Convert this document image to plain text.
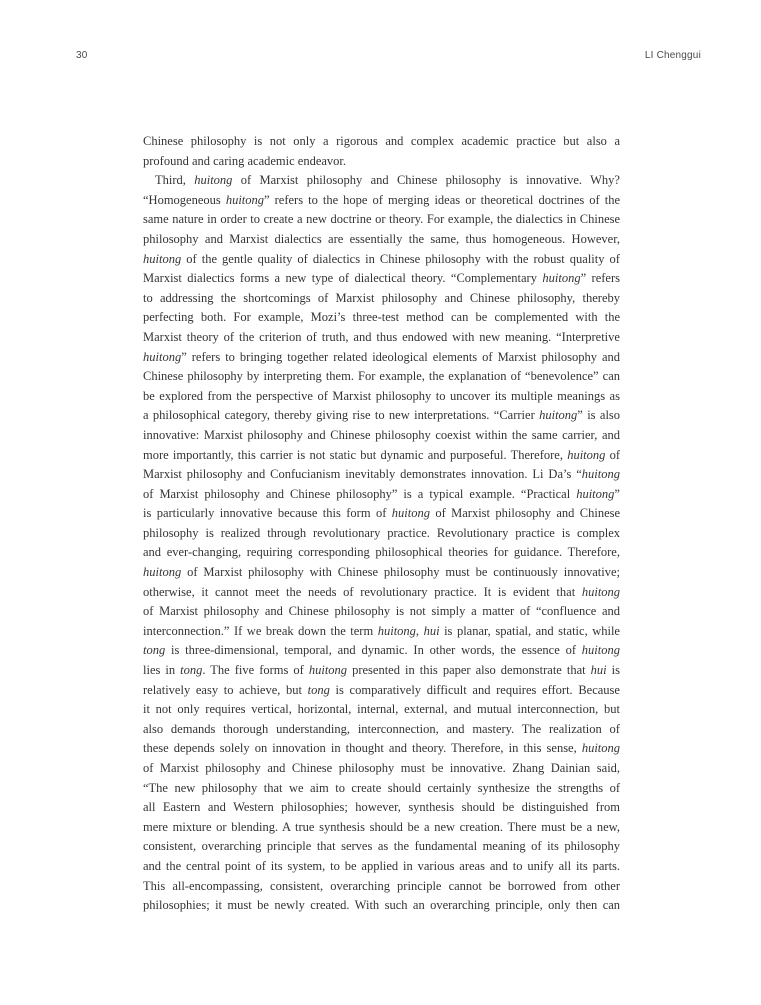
30	LI Chenggui
Chinese philosophy is not only a rigorous and complex academic practice but also a
profound and caring academic endeavor.
Third, huitong of Marxist philosophy and Chinese philosophy is innovative. Why?
“Homogeneous huitong” refers to the hope of merging ideas or theoretical doctrines of the
same nature in order to create a new doctrine or theory. For example, the dialectics in Chinese
philosophy and Marxist dialectics are essentially the same, thus homogeneous. However,
huitong of the gentle quality of dialectics in Chinese philosophy with the robust quality of
Marxist dialectics forms a new type of dialectical theory. “Complementary huitong” refers
to addressing the shortcomings of Marxist philosophy and Chinese philosophy, thereby
perfecting both. For example, Mozi’s three-test method can be complemented with the
Marxist theory of the criterion of truth, and thus endowed with new meaning. “Interpretive
huitong” refers to bringing together related ideological elements of Marxist philosophy and
Chinese philosophy by interpreting them. For example, the explanation of “benevolence” can
be explored from the perspective of Marxist philosophy to uncover its multiple meanings as
a philosophical category, thereby giving rise to new interpretations. “Carrier huitong” is also
innovative: Marxist philosophy and Chinese philosophy coexist within the same carrier, and
more importantly, this carrier is not static but dynamic and purposeful. Therefore, huitong of
Marxist philosophy and Confucianism inevitably demonstrates innovation. Li Da’s “huitong
of Marxist philosophy and Chinese philosophy” is a typical example. “Practical huitong”
is particularly innovative because this form of huitong of Marxist philosophy and Chinese
philosophy is realized through revolutionary practice. Revolutionary practice is complex
and ever-changing, requiring corresponding philosophical theories for guidance. Therefore,
huitong of Marxist philosophy with Chinese philosophy must be continuously innovative;
otherwise, it cannot meet the needs of revolutionary practice. It is evident that huitong
of Marxist philosophy and Chinese philosophy is not simply a matter of “confluence and
interconnection.” If we break down the term huitong, hui is planar, spatial, and static, while
tong is three-dimensional, temporal, and dynamic. In other words, the essence of huitong
lies in tong. The five forms of huitong presented in this paper also demonstrate that hui is
relatively easy to achieve, but tong is comparatively difficult and requires effort. Because
it not only requires vertical, horizontal, internal, external, and mutual interconnection, but
also demands thorough understanding, interconnection, and mastery. The realization of
these depends solely on innovation in thought and theory. Therefore, in this sense, huitong
of Marxist philosophy and Chinese philosophy must be innovative. Zhang Dainian said,
“The new philosophy that we aim to create should certainly synthesize the strengths of
all Eastern and Western philosophies; however, synthesis should be distinguished from
mere mixture or blending. A true synthesis should be a new creation. There must be a new,
consistent, overarching principle that serves as the fundamental meaning of its philosophy
and the central point of its system, to be applied in various areas and to unify all its parts.
This all-encompassing, consistent, overarching principle cannot be borrowed from other
philosophies; it must be newly created. With such an overarching principle, only then can
